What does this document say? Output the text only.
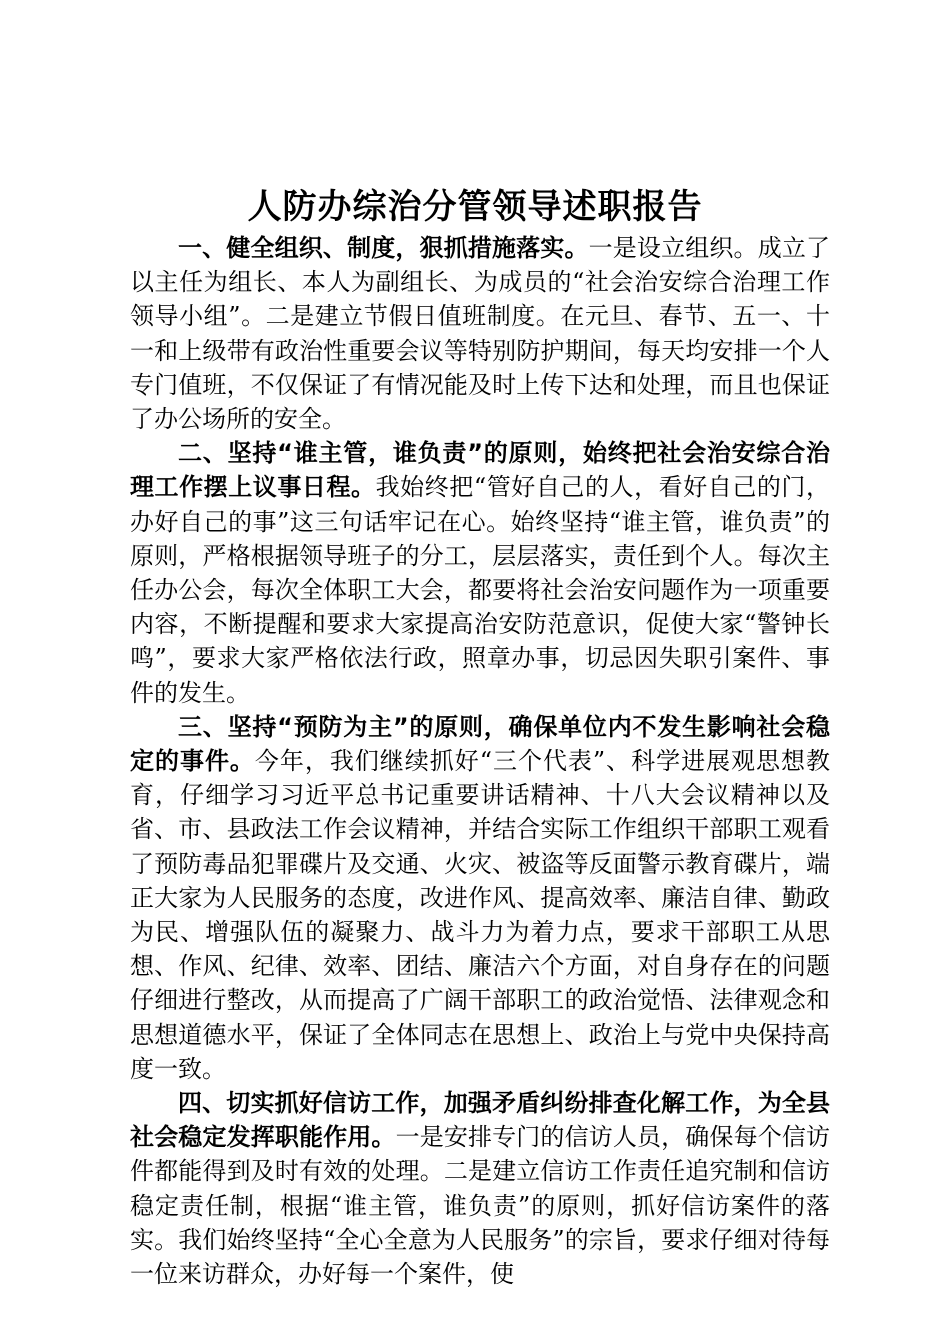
人防办综治分管领导述职报告

一、健全组织、制度，狠抓措施落实。一是设立组织。成立了以主任为组长、本人为副组长、为成员的“社会治安综合治理工作领导小组”。二是建立节假日值班制度。在元旦、春节、五一、十一和上级带有政治性重要会议等特别防护期间，每天均安排一个人专门值班，不仅保证了有情况能及时上传下达和处理，而且也保证了办公场所的安全。

二、坚持“谁主管，谁负责”的原则，始终把社会治安综合治理工作摆上议事日程。我始终把“管好自己的人，看好自己的门，办好自己的事”这三句话牢记在心。始终坚持“谁主管，谁负责”的原则，严格根据领导班子的分工，层层落实，责任到个人。每次主任办公会，每次全体职工大会，都要将社会治安问题作为一项重要内容，不断提醒和要求大家提高治安防范意识，促使大家“警钟长鸣”，要求大家严格依法行政，照章办事，切忌因失职引案件、事件的发生。

三、坚持“预防为主”的原则，确保单位内不发生影响社会稳定的事件。今年，我们继续抓好“三个代表”、科学进展观思想教育，仔细学习习近平总书记重要讲话精神、十八大会议精神以及省、市、县政法工作会议精神，并结合实际工作组织干部职工观看了预防毒品犯罪碟片及交通、火灾、被盗等反面警示教育碟片，端正大家为人民服务的态度，改进作风、提高效率、廉洁自律、勤政为民、增强队伍的凝聚力、战斗力为着力点，要求干部职工从思想、作风、纪律、效率、团结、廉洁六个方面，对自身存在的问题仔细进行整改，从而提高了广阔干部职工的政治觉悟、法律观念和思想道德水平，保证了全体同志在思想上、政治上与党中央保持高度一致。

四、切实抓好信访工作，加强矛盾纠纷排查化解工作，为全县社会稳定发挥职能作用。一是安排专门的信访人员，确保每个信访件都能得到及时有效的处理。二是建立信访工作责任追究制和信访稳定责任制，根据“谁主管，谁负责”的原则，抓好信访案件的落实。我们始终坚持“全心全意为人民服务”的宗旨，要求仔细对待每一位来访群众，办好每一个案件，使
